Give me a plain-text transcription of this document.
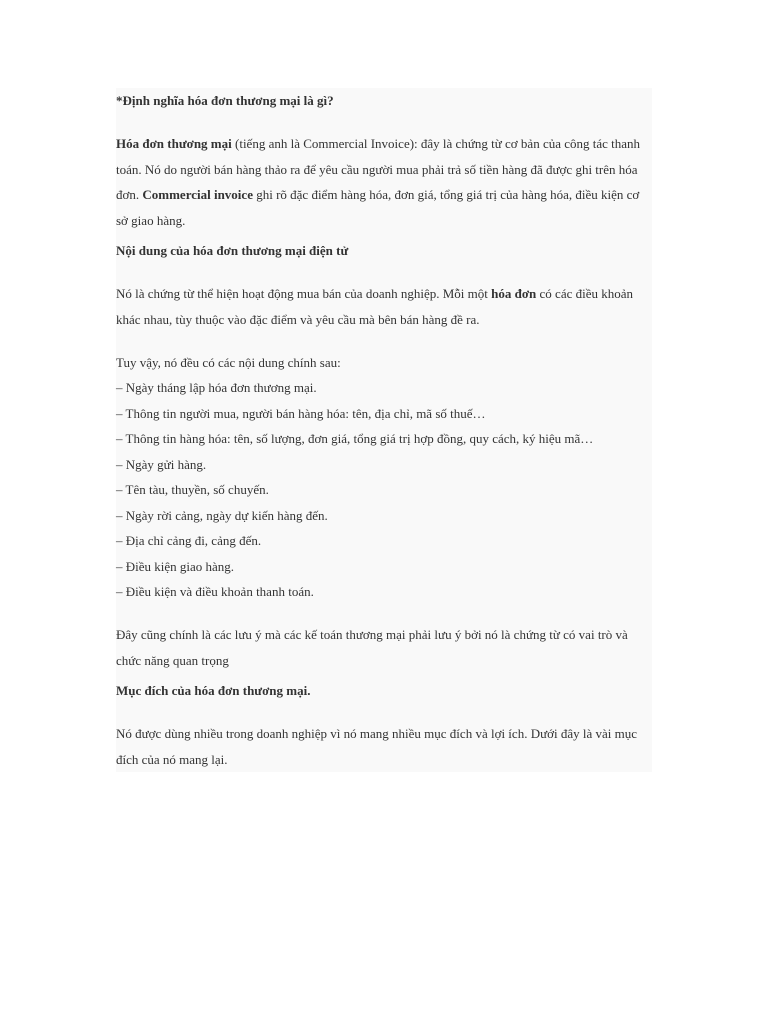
*Định nghĩa hóa đơn thương mại là gì?

Hóa đơn thương mại (tiếng anh là Commercial Invoice): đây là chứng từ cơ bản của công tác thanh toán. Nó do người bán hàng thảo ra để yêu cầu người mua phải trả số tiền hàng đã được ghi trên hóa đơn. Commercial invoice ghi rõ đặc điểm hàng hóa, đơn giá, tổng giá trị của hàng hóa, điều kiện cơ sở giao hàng.

Nội dung của hóa đơn thương mại điện tử

Nó là chứng từ thể hiện hoạt động mua bán của doanh nghiệp. Mỗi một hóa đơn có các điều khoản khác nhau, tùy thuộc vào đặc điểm và yêu cầu mà bên bán hàng đề ra.

Tuy vậy, nó đều có các nội dung chính sau:

– Ngày tháng lập hóa đơn thương mại.

– Thông tin người mua, người bán hàng hóa: tên, địa chỉ, mã số thuế…

– Thông tin hàng hóa: tên, số lượng, đơn giá, tổng giá trị hợp đồng, quy cách, ký hiệu mã…

– Ngày gửi hàng.

– Tên tàu, thuyền, số chuyến.

– Ngày rời cảng, ngày dự kiến hàng đến.

– Địa chỉ cảng đi, cảng đến.

– Điều kiện giao hàng.

– Điều kiện và điều khoản thanh toán.

Đây cũng chính là các lưu ý mà các kế toán thương mại phải lưu ý bởi nó là chứng từ có vai trò và chức năng quan trọng

Mục đích của hóa đơn thương mại.

Nó được dùng nhiều trong doanh nghiệp vì nó mang nhiều mục đích và lợi ích. Dưới đây là vài mục đích của nó mang lại.
